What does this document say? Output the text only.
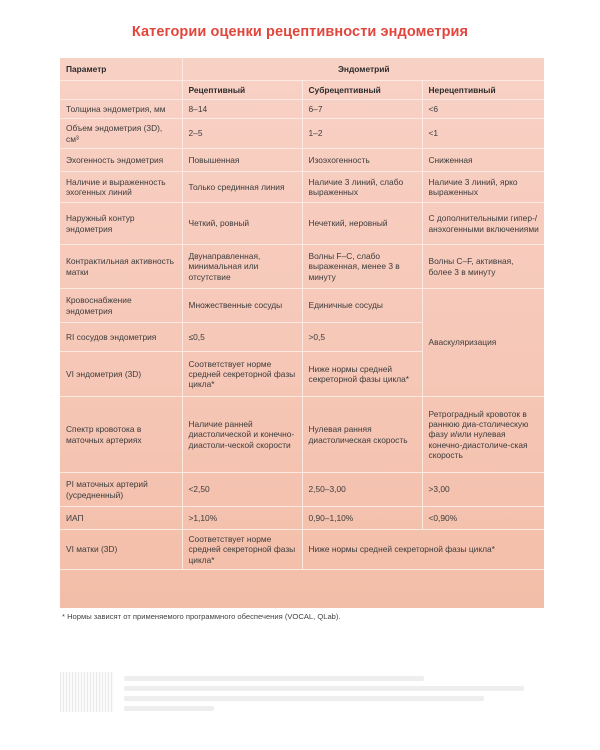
Категории оценки рецептивности эндометрия
Параметр	Эндометрий		
	Рецептивный	Субрецептивный	Нерецептивный
Толщина эндометрия, мм	8–14	6–7	<6
Объем эндометрия (3D), см³	2–5	1–2	<1
Эхогенность эндометрия	Повышенная	Изоэхогенность	Сниженная
Наличие и выраженность эхогенных линий	Только срединная линия	Наличие 3 линий, слабо выраженных	Наличие 3 линий, ярко выраженных
Наружный контур эндометрия	Четкий, ровный	Нечеткий, неровный	С дополнительными гипер-/анэхогенными включениями
Контрактильная активность матки	Двунаправленная, минимальная или отсутствие	Волны F–C, слабо выраженная, менее 3 в минуту	Волны C–F, активная, более 3 в минуту
Кровоснабжение эндометрия	Множественные сосуды	Единичные сосуды	Аваскуляризация
RI сосудов эндометрия	≤0,5	>0,5	
VI эндометрия (3D)	Соответствует норме средней секреторной фазы цикла*	Ниже нормы средней секреторной фазы цикла*	
Спектр кровотока в маточных артериях	Наличие ранней диастолической и конечно-диастоли-ческой скорости	Нулевая ранняя диастолическая скорость	Ретроградный кровоток в раннюю диа-столическую фазу и/или нулевая конечно-диастоличе-ская скорость
PI маточных артерий (усредненный)	<2,50	2,50–3,00	>3,00
ИАП	>1,10%	0,90–1,10%	<0,90%
VI матки (3D)	Соответствует норме средней секреторной фазы цикла*	Ниже нормы средней секреторной фазы цикла*	
* Нормы зависят от применяемого программного обеспечения (VOCAL, QLab).
